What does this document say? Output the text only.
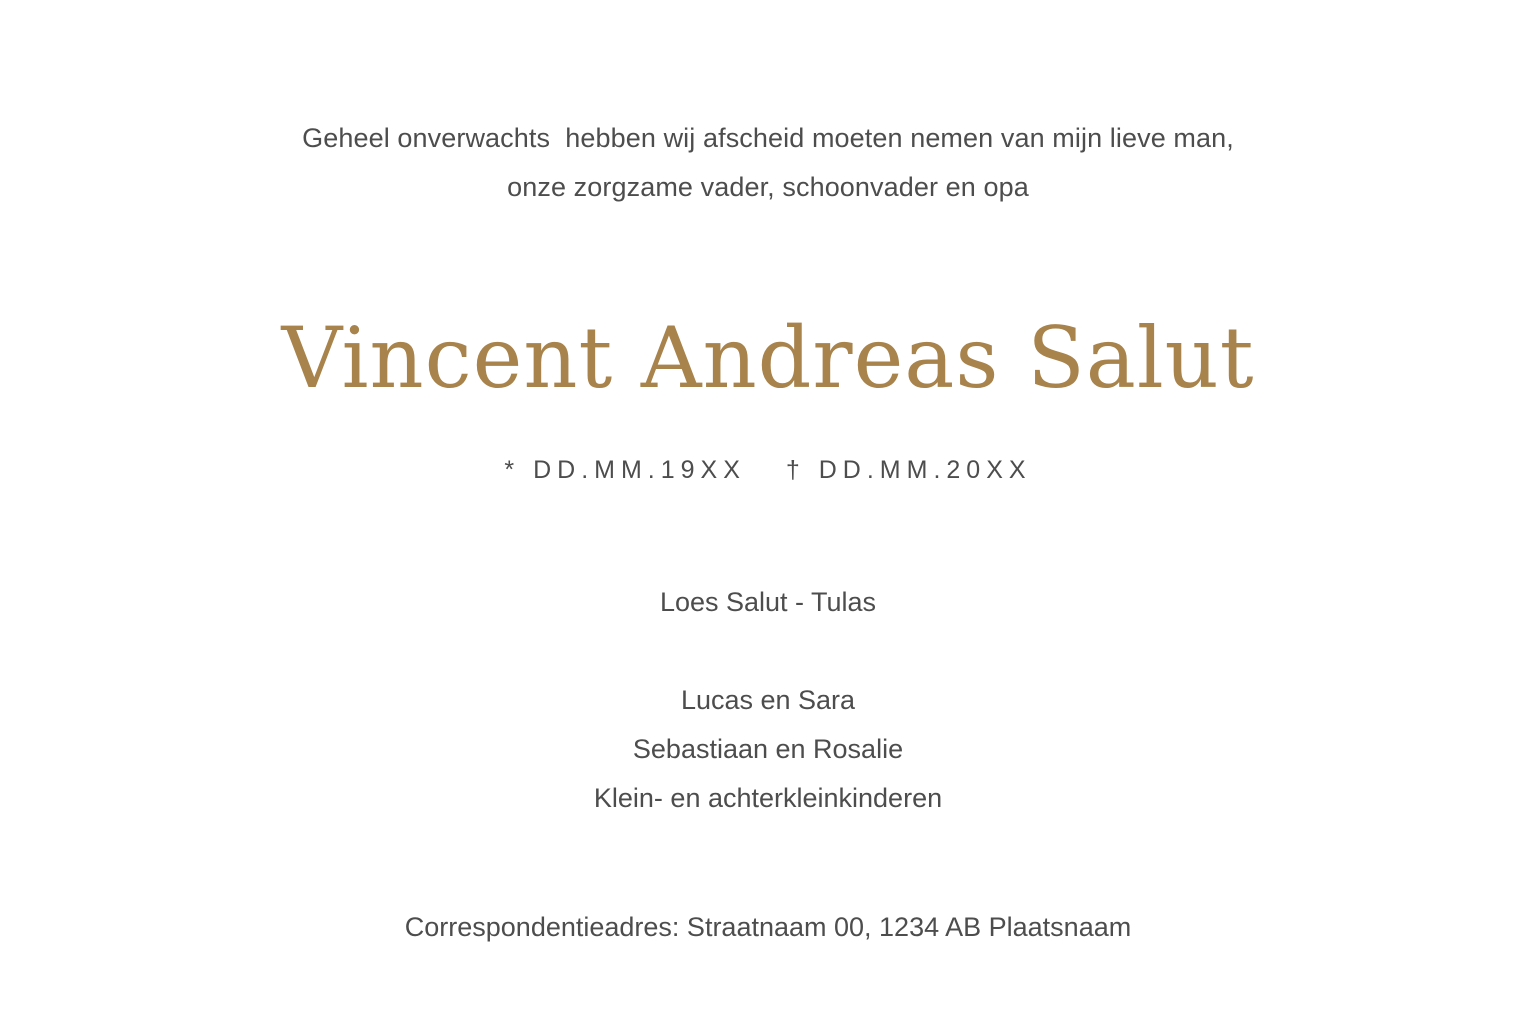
Geheel onverwachts  hebben wij afscheid moeten nemen van mijn lieve man,
onze zorgzame vader, schoonvader en opa
Vincent Andreas Salut
* DD.MM.19XX † DD.MM.20XX
Loes Salut - Tulas
Lucas en Sara
Sebastiaan en Rosalie
Klein- en achterkleinkinderen
Correspondentieadres: Straatnaam 00, 1234 AB Plaatsnaam
